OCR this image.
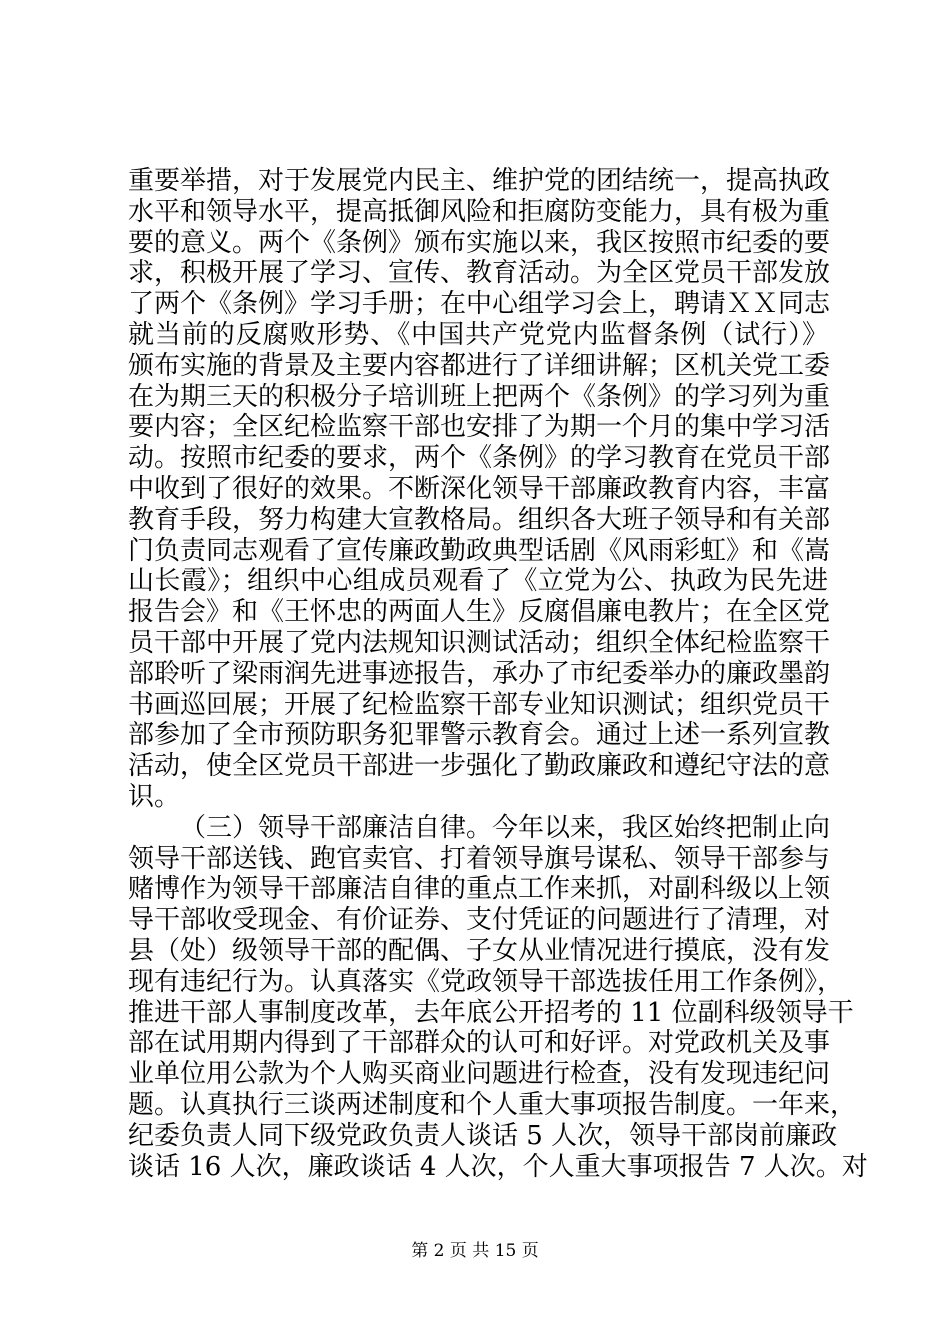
重要举措，对于发展党内民主、维护党的团结统一，提高执政
水平和领导水平，提高抵御风险和拒腐防变能力，具有极为重
要的意义。两个《条例》颁布实施以来，我区按照市纪委的要
求，积极开展了学习、宣传、教育活动。为全区党员干部发放
了两个《条例》学习手册；在中心组学习会上，聘请ＸＸ同志
就当前的反腐败形势、《中国共产党党内监督条例（试行）》
颁布实施的背景及主要内容都进行了详细讲解；区机关党工委
在为期三天的积极分子培训班上把两个《条例》的学习列为重
要内容；全区纪检监察干部也安排了为期一个月的集中学习活
动。按照市纪委的要求，两个《条例》的学习教育在党员干部
中收到了很好的效果。不断深化领导干部廉政教育内容，丰富
教育手段，努力构建大宣教格局。组织各大班子领导和有关部
门负责同志观看了宣传廉政勤政典型话剧《风雨彩虹》和《嵩
山长霞》；组织中心组成员观看了《立党为公、执政为民先进
报告会》和《王怀忠的两面人生》反腐倡廉电教片；在全区党
员干部中开展了党内法规知识测试活动；组织全体纪检监察干
部聆听了梁雨润先进事迹报告，承办了市纪委举办的廉政墨韵
书画巡回展；开展了纪检监察干部专业知识测试；组织党员干
部参加了全市预防职务犯罪警示教育会。通过上述一系列宣教
活动，使全区党员干部进一步强化了勤政廉政和遵纪守法的意
识。
（三）领导干部廉洁自律。今年以来，我区始终把制止向
领导干部送钱、跑官卖官、打着领导旗号谋私、领导干部参与
赌博作为领导干部廉洁自律的重点工作来抓，对副科级以上领
导干部收受现金、有价证券、支付凭证的问题进行了清理，对
县（处）级领导干部的配偶、子女从业情况进行摸底，没有发
现有违纪行为。认真落实《党政领导干部选拔任用工作条例》，
推进干部人事制度改革，去年底公开招考的 11 位副科级领导干
部在试用期内得到了干部群众的认可和好评。对党政机关及事
业单位用公款为个人购买商业问题进行检查，没有发现违纪问
题。认真执行三谈两述制度和个人重大事项报告制度。一年来，
纪委负责人同下级党政负责人谈话 5 人次，领导干部岗前廉政
谈话 16 人次，廉政谈话 4 人次，个人重大事项报告 7 人次。对
第 2 页 共 15 页
